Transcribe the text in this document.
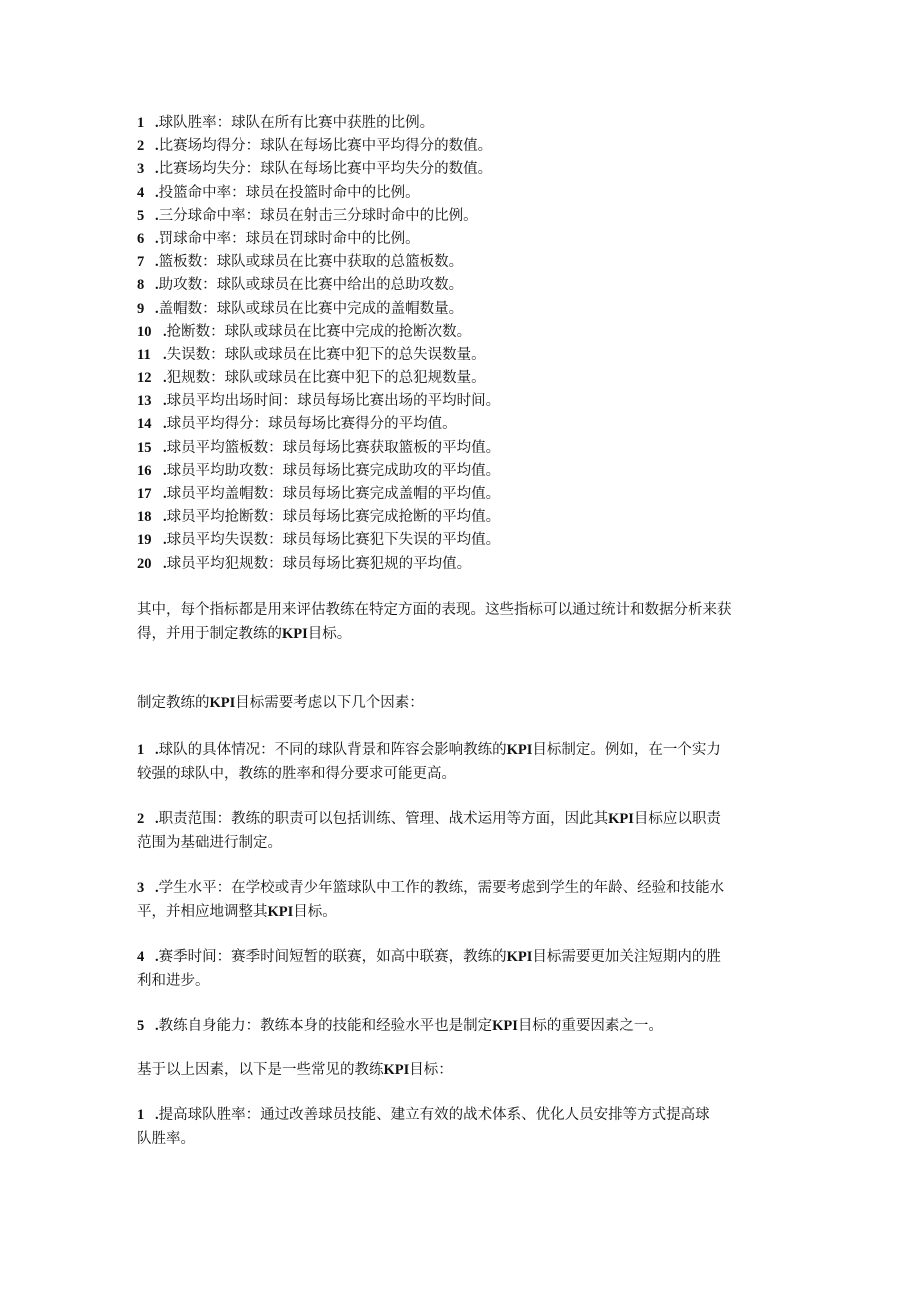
1 .球队胜率：球队在所有比赛中获胜的比例。
2 .比赛场均得分：球队在每场比赛中平均得分的数值。
3 .比赛场均失分：球队在每场比赛中平均失分的数值。
4 .投篮命中率：球员在投篮时命中的比例。
5 .三分球命中率：球员在射击三分球时命中的比例。
6 .罚球命中率：球员在罚球时命中的比例。
7 .篮板数：球队或球员在比赛中获取的总篮板数。
8 .助攻数：球队或球员在比赛中给出的总助攻数。
9 .盖帽数：球队或球员在比赛中完成的盖帽数量。
10 .抢断数：球队或球员在比赛中完成的抢断次数。
11 .失误数：球队或球员在比赛中犯下的总失误数量。
12 .犯规数：球队或球员在比赛中犯下的总犯规数量。
13 .球员平均出场时间：球员每场比赛出场的平均时间。
14 .球员平均得分：球员每场比赛得分的平均值。
15 .球员平均篮板数：球员每场比赛获取篮板的平均值。
16 .球员平均助攻数：球员每场比赛完成助攻的平均值。
17 .球员平均盖帽数：球员每场比赛完成盖帽的平均值。
18 .球员平均抢断数：球员每场比赛完成抢断的平均值。
19 .球员平均失误数：球员每场比赛犯下失误的平均值。
20 .球员平均犯规数：球员每场比赛犯规的平均值。

其中，每个指标都是用来评估教练在特定方面的表现。这些指标可以通过统计和数据分析来获
得，并用于制定教练的KPI目标。

制定教练的KPI目标需要考虑以下几个因素：

1 .球队的具体情况：不同的球队背景和阵容会影响教练的KPI目标制定。例如，在一个实力
较强的球队中，教练的胜率和得分要求可能更高。

2 .职责范围：教练的职责可以包括训练、管理、战术运用等方面，因此其KPI目标应以职责
范围为基础进行制定。

3 .学生水平：在学校或青少年篮球队中工作的教练，需要考虑到学生的年龄、经验和技能水
平，并相应地调整其KPI目标。

4 .赛季时间：赛季时间短暂的联赛，如高中联赛，教练的KPI目标需要更加关注短期内的胜
利和进步。

5 .教练自身能力：教练本身的技能和经验水平也是制定KPI目标的重要因素之一。

基于以上因素，以下是一些常见的教练KPI目标：

1 .提高球队胜率：通过改善球员技能、建立有效的战术体系、优化人员安排等方式提高球
队胜率。
